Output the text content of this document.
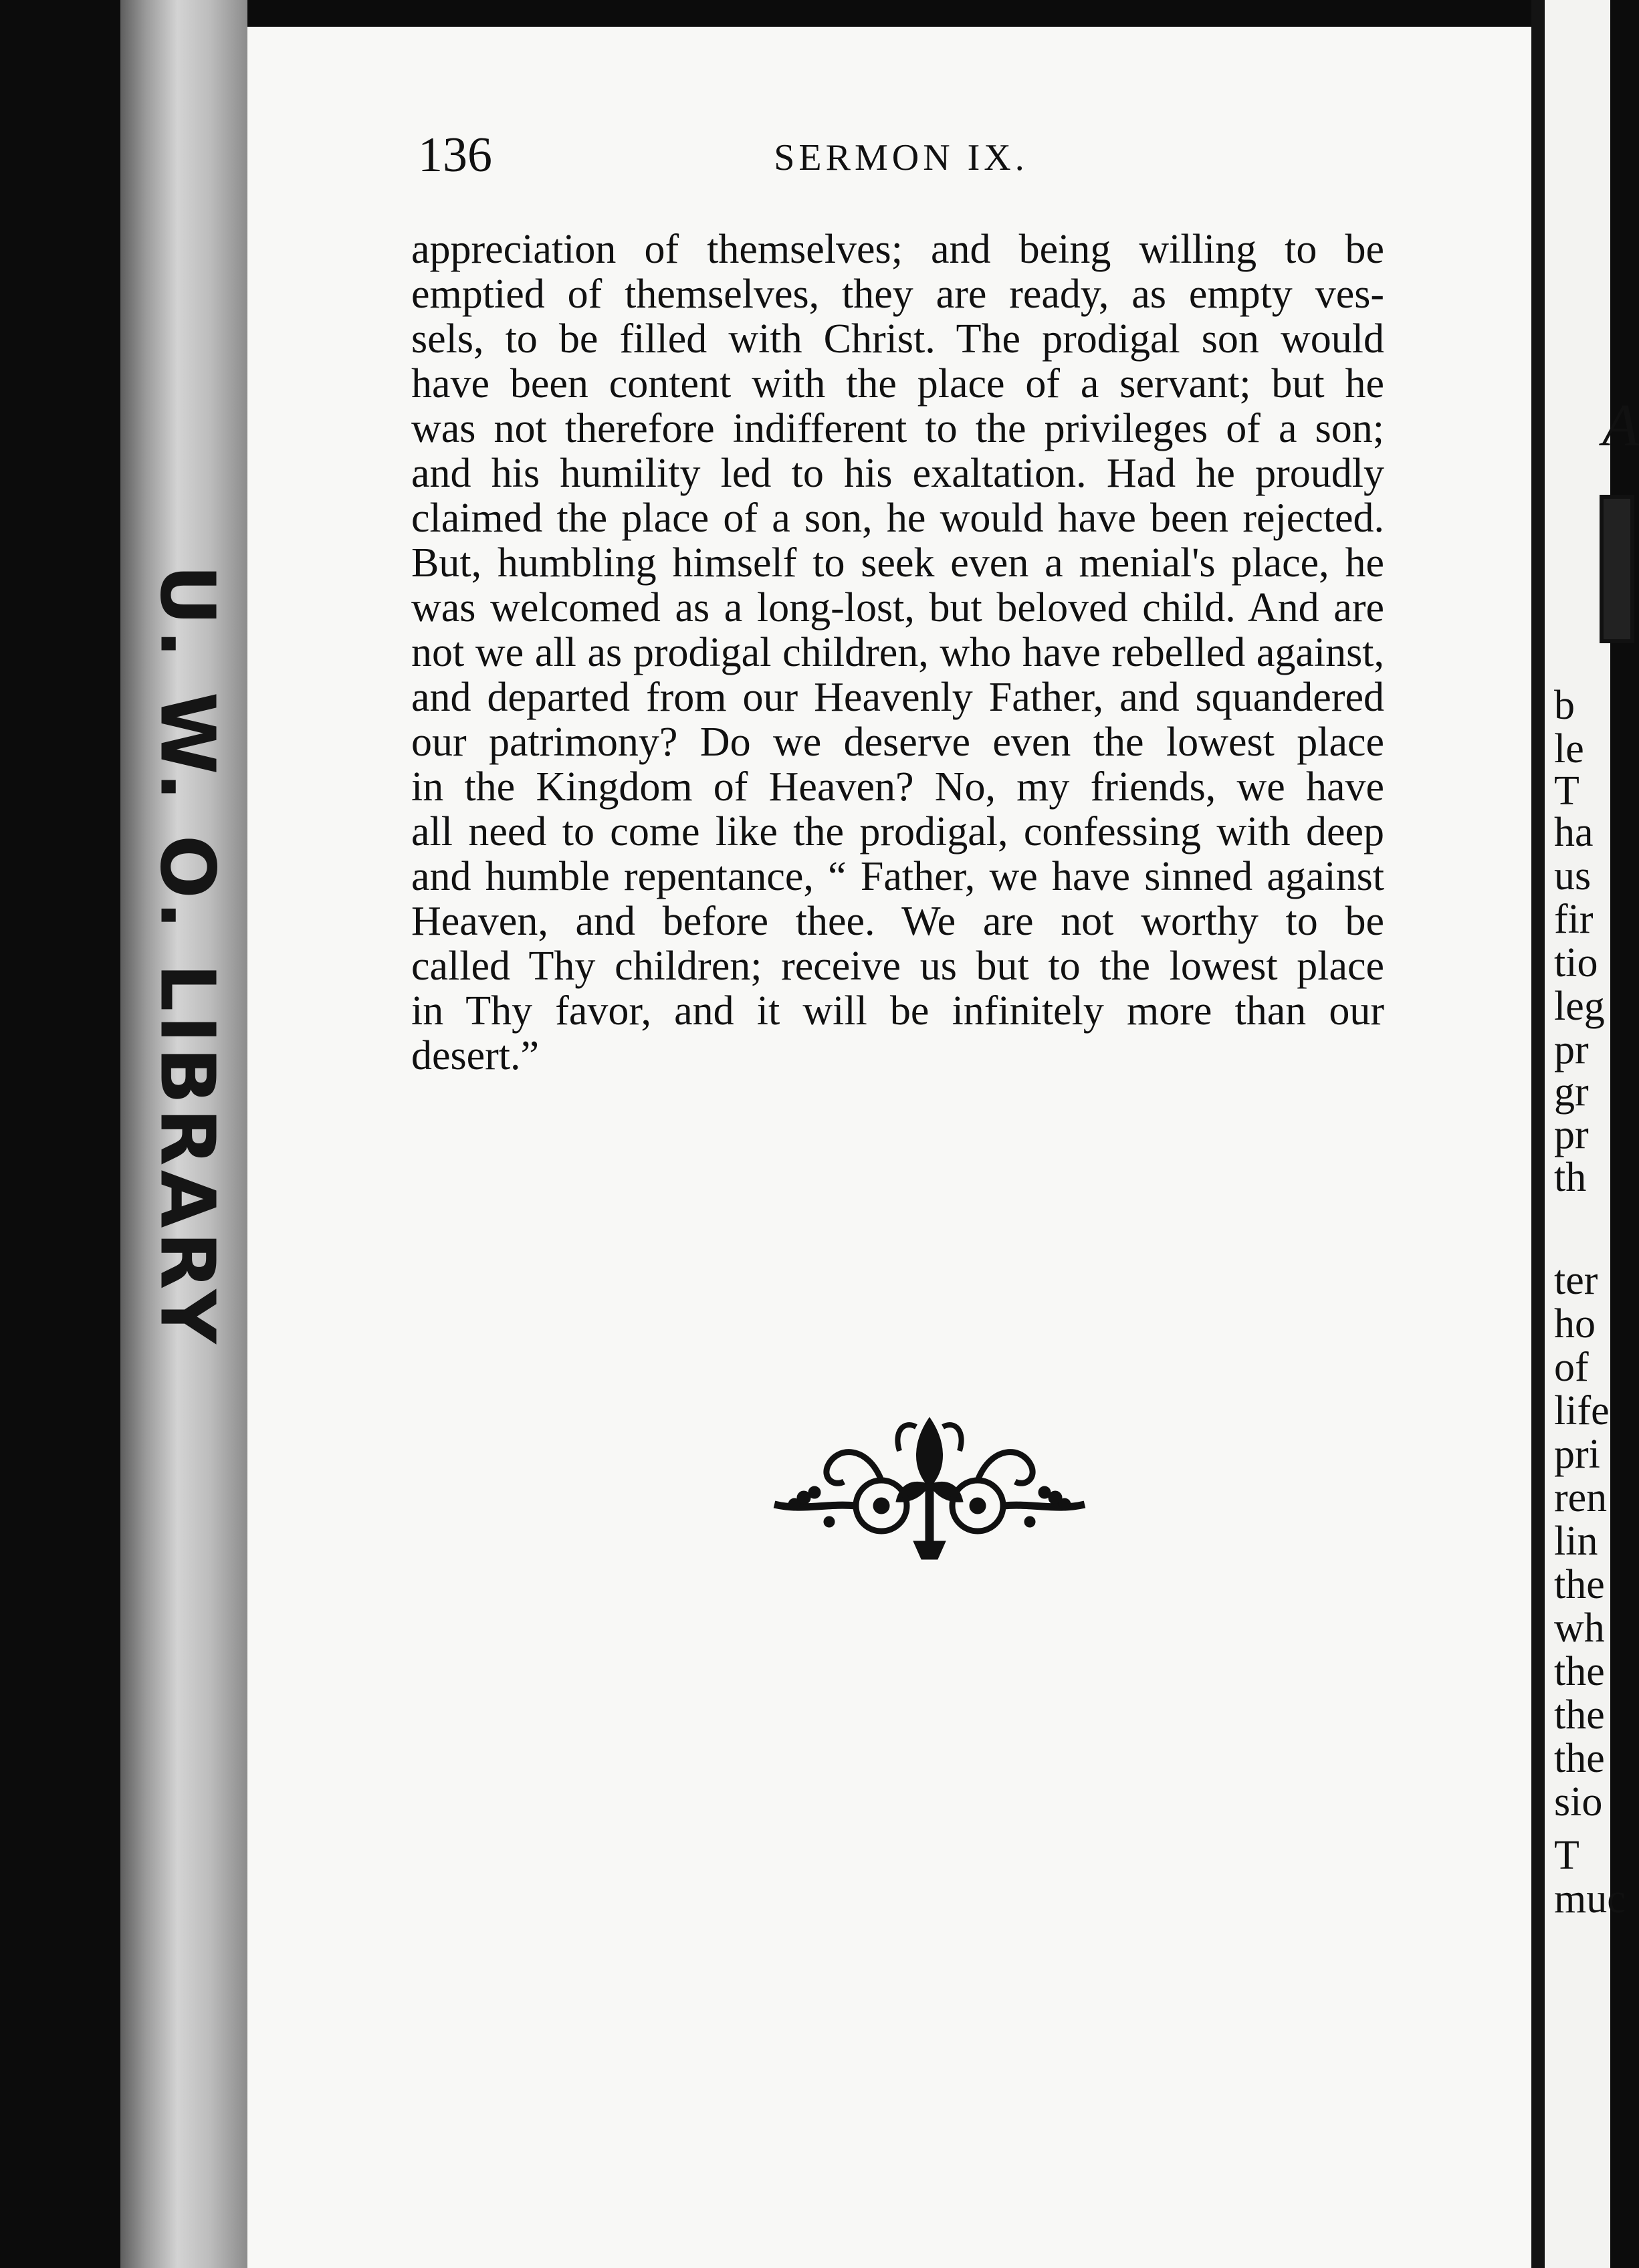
U. W. O. LIBRARY
136	SERMON IX.
appreciation of themselves; and being willing to be
emptied of themselves, they are ready, as empty ves-
sels, to be filled with Christ. The prodigal son would
have been content with the place of a servant; but he
was not therefore indifferent to the privileges of a son;
and his humility led to his exaltation. Had he proudly
claimed the place of a son, he would have been rejected.
But, humbling himself to seek even a menial's place, he
was welcomed as a long-lost, but beloved child. And are
not we all as prodigal children, who have rebelled against,
and departed from our Heavenly Father, and squandered
our patrimony? Do we deserve even the lowest place
in the Kingdom of Heaven? No, my friends, we have
all need to come like the prodigal, confessing with deep
and humble repentance, “ Father, we have sinned against
Heaven, and before thee. We are not worthy to be
called Thy children; receive us but to the lowest place
in Thy favor, and it will be infinitely more than our
desert.”
A
b
le
T
ha
us
fir
tio
leg
pr
gr
pr
th
ter
ho
of
life
pri
ren
lin
the
wh
the
the
the
sio
T
muc
